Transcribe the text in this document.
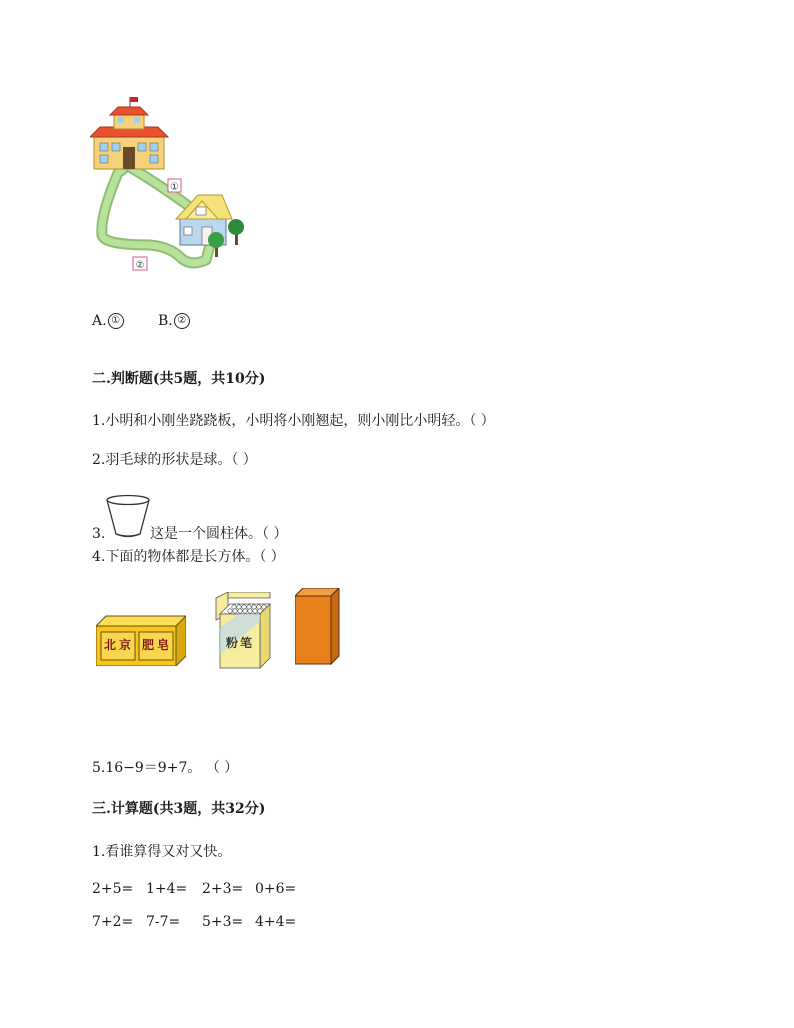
①
②
A. ①	B. ②
二.判断题(共5题，共10分)
1.小明和小刚坐跷跷板，小明将小刚翘起，则小刚比小明轻。（ ）
2.羽毛球的形状是球。（ ）
3.	这是一个圆柱体。（ ）
4.下面的物体都是长方体。（ ）
北京 肥皂	粉笔
5.16−9＝9+7。 （ ）
三.计算题(共3题，共32分)
1.看谁算得又对又快。
2+5= 1+4= 2+3= 0+6=
7+2= 7-7= 5+3= 4+4=
